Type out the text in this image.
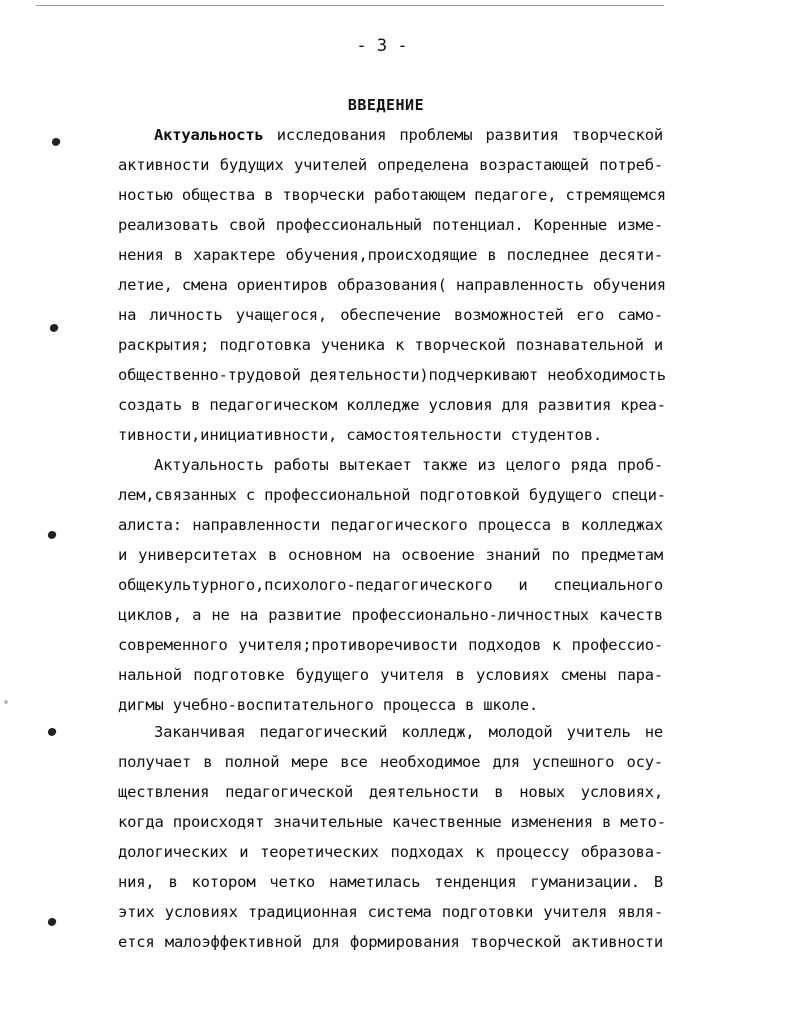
- 3 -
ВВЕДЕНИЕ
Актуальность исследования проблемы развития творческой
активности будущих учителей определена возрастающей потреб-
ностью общества в творчески работающем педагоге, стремящемся
реализовать свой профессиональный потенциал. Коренные изме-
нения в характере обучения,происходящие в последнее десяти-
летие, смена ориентиров образования( направленность обучения
на личность учащегося, обеспечение возможностей его само-
раскрытия; подготовка ученика к творческой познавательной и
общественно-трудовой деятельности)подчеркивают необходимость
создать в педагогическом колледже условия для развития креа-
тивности,инициативности, самостоятельности студентов.
Актуальность работы вытекает также из целого ряда проб-
лем,связанных с профессиональной подготовкой будущего специ-
алиста: направленности педагогического процесса в колледжах
и университетах в основном на освоение знаний по предметам
общекультурного,психолого-педагогического и специального
циклов, а не на развитие профессионально-личностных качеств
современного учителя;противоречивости подходов к профессио-
нальной подготовке будущего учителя в условиях смены пара-
дигмы учебно-воспитательного процесса в школе.
Заканчивая педагогический колледж, молодой учитель не
получает в полной мере все необходимое для успешного осу-
ществления педагогической деятельности в новых условиях,
когда происходят значительные качественные изменения в мето-
дологических и теоретических подходах к процессу образова-
ния, в котором четко наметилась тенденция гуманизации. В
этих условиях традиционная система подготовки учителя явля-
ется малоэффективной для формирования творческой активности
